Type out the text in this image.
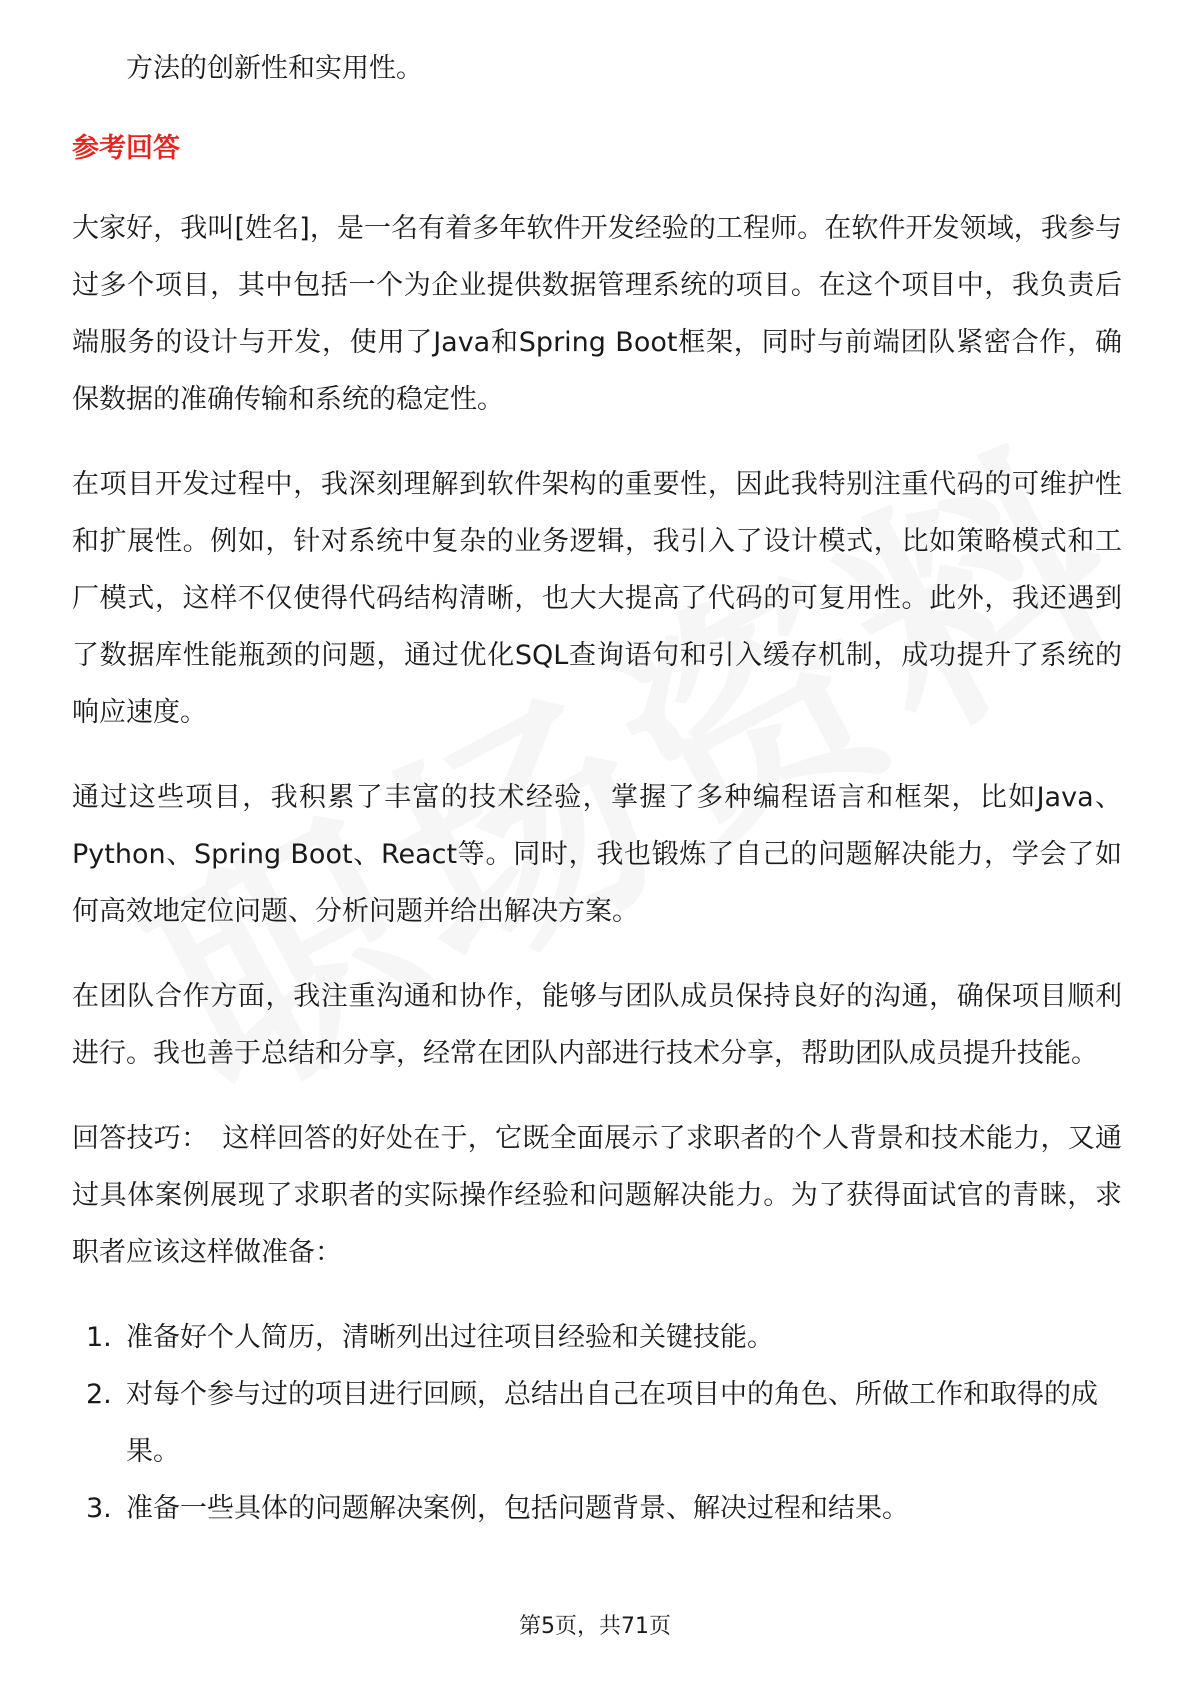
方法的创新性和实用性。

参考回答

大家好，我叫[姓名]，是一名有着多年软件开发经验的工程师。在软件开发领域，我参与过多个项目，其中包括一个为企业提供数据管理系统的项目。在这个项目中，我负责后端服务的设计与开发，使用了Java和Spring Boot框架，同时与前端团队紧密合作，确保数据的准确传输和系统的稳定性。

在项目开发过程中，我深刻理解到软件架构的重要性，因此我特别注重代码的可维护性和扩展性。例如，针对系统中复杂的业务逻辑，我引入了设计模式，比如策略模式和工厂模式，这样不仅使得代码结构清晰，也大大提高了代码的可复用性。此外，我还遇到了数据库性能瓶颈的问题，通过优化SQL查询语句和引入缓存机制，成功提升了系统的响应速度。

通过这些项目，我积累了丰富的技术经验，掌握了多种编程语言和框架，比如Java、Python、Spring Boot、React等。同时，我也锻炼了自己的问题解决能力，学会了如何高效地定位问题、分析问题并给出解决方案。

在团队合作方面，我注重沟通和协作，能够与团队成员保持良好的沟通，确保项目顺利进行。我也善于总结和分享，经常在团队内部进行技术分享，帮助团队成员提升技能。

回答技巧： 这样回答的好处在于，它既全面展示了求职者的个人背景和技术能力，又通过具体案例展现了求职者的实际操作经验和问题解决能力。为了获得面试官的青睐，求职者应该这样做准备：

1. 准备好个人简历，清晰列出过往项目经验和关键技能。
2. 对每个参与过的项目进行回顾，总结出自己在项目中的角色、所做工作和取得的成果。
3. 准备一些具体的问题解决案例，包括问题背景、解决过程和结果。
第5页，共71页
